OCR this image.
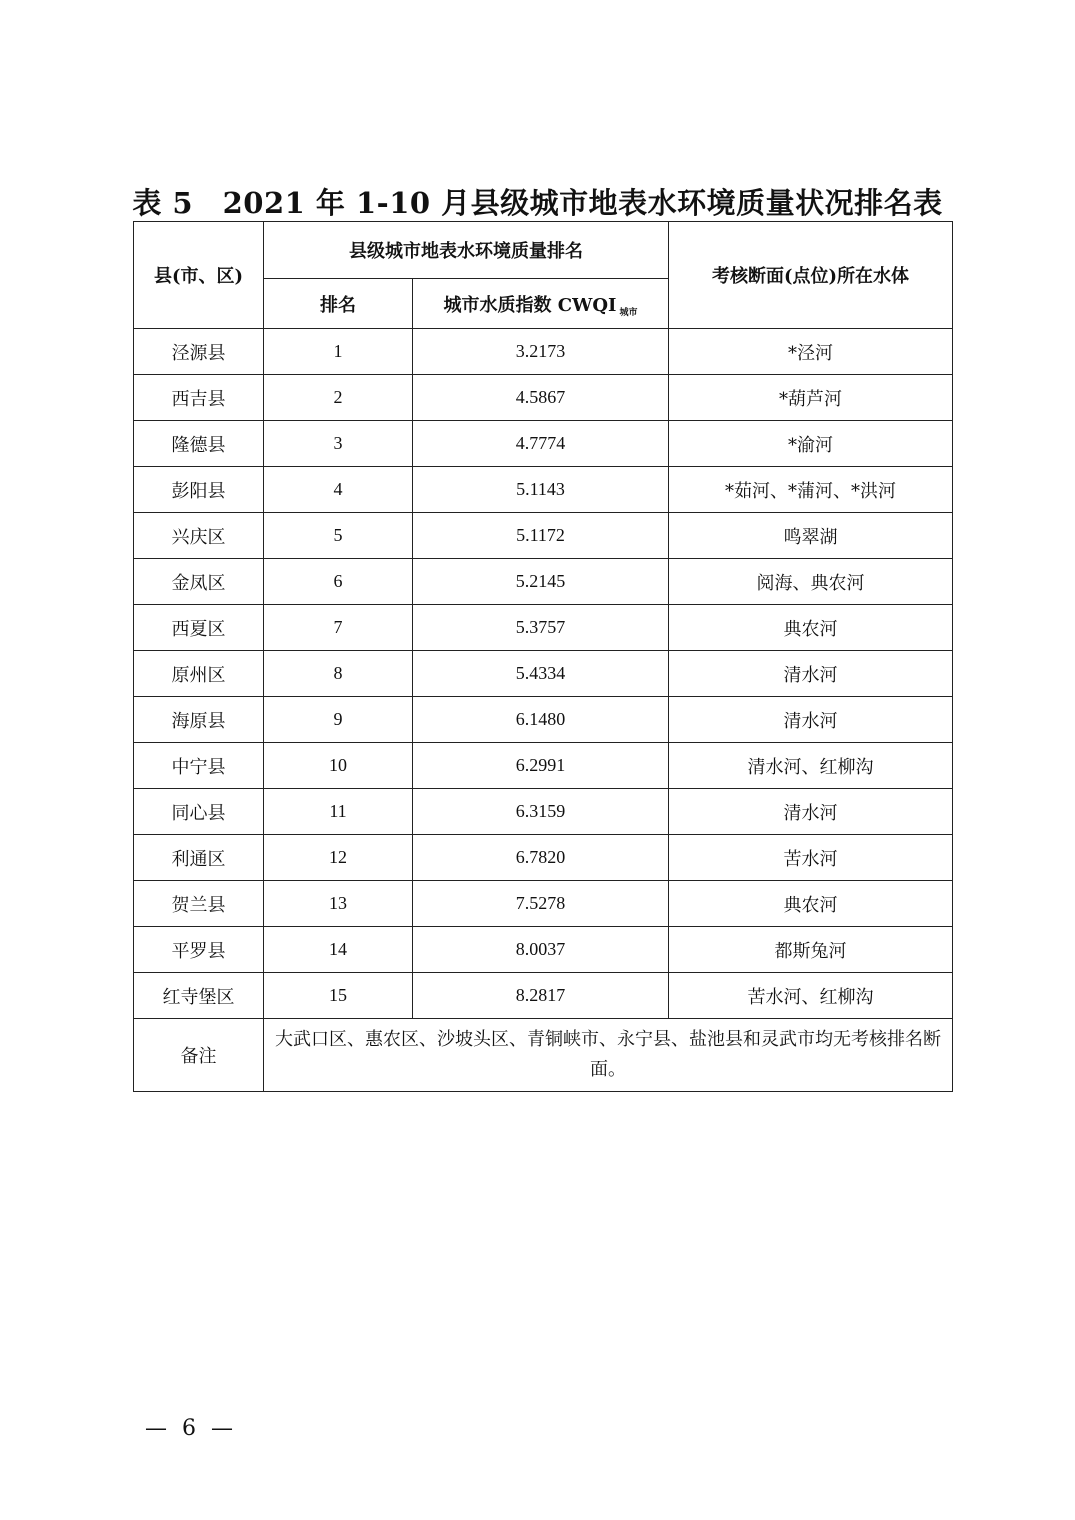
表 5　2021 年 1-10 月县级城市地表水环境质量状况排名表
县(市、区)	县级城市地表水环境质量排名		考核断面(点位)所在水体
	排名	城市水质指数 CWQI $_{城市}$
泾源县	1	3.2173	*泾河
西吉县	2	4.5867	*葫芦河
隆德县	3	4.7774	*渝河
彭阳县	4	5.1143	*茹河、*蒲河、*洪河
兴庆区	5	5.1172	鸣翠湖
金凤区	6	5.2145	阅海、典农河
西夏区	7	5.3757	典农河
原州区	8	5.4334	清水河
海原县	9	6.1480	清水河
中宁县	10	6.2991	清水河、红柳沟
同心县	11	6.3159	清水河
利通区	12	6.7820	苦水河
贺兰县	13	7.5278	典农河
平罗县	14	8.0037	都斯兔河
红寺堡区	15	8.2817	苦水河、红柳沟
备注	大武口区、惠农区、沙坡头区、青铜峡市、永宁县、盐池县和灵武市均无考核排名断面。		
— 6 —
